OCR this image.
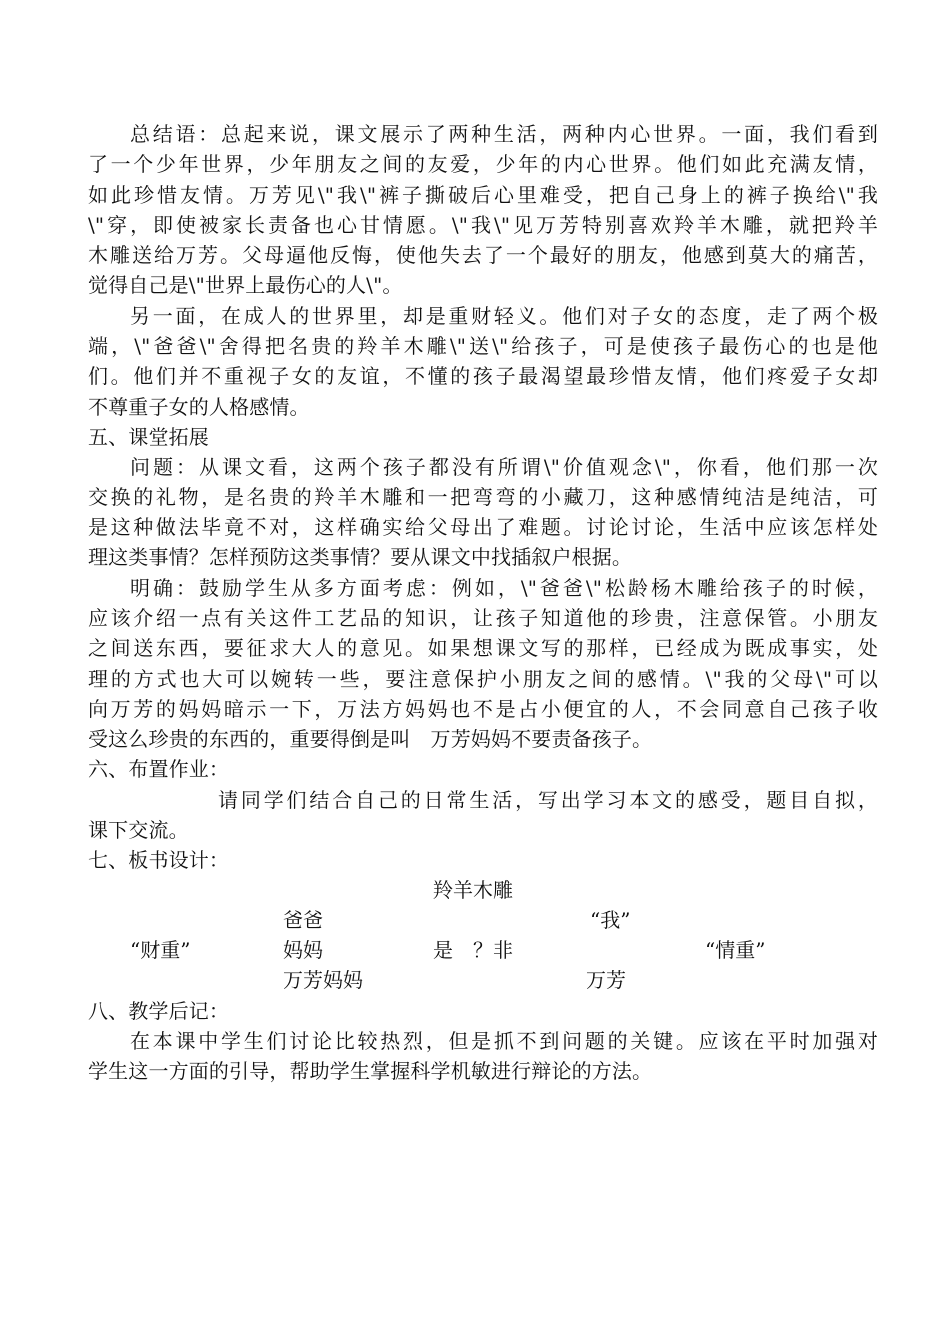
总结语：总起来说，课文展示了两种生活，两种内心世界。一面，我们看到
了一个少年世界，少年朋友之间的友爱，少年的内心世界。他们如此充满友情，
如此珍惜友情。万芳见\"我\"裤子撕破后心里难受，把自己身上的裤子换给\"我
\"穿，即使被家长责备也心甘情愿。\"我\"见万芳特别喜欢羚羊木雕，就把羚羊
木雕送给万芳。父母逼他反悔，使他失去了一个最好的朋友，他感到莫大的痛苦，
觉得自己是\"世界上最伤心的人\"。
另一面，在成人的世界里，却是重财轻义。他们对子女的态度，走了两个极
端，\"爸爸\"舍得把名贵的羚羊木雕\"送\"给孩子，可是使孩子最伤心的也是他
们。他们并不重视子女的友谊，不懂的孩子最渴望最珍惜友情，他们疼爱子女却
不尊重子女的人格感情。
五、课堂拓展
问题：从课文看，这两个孩子都没有所谓\"价值观念\"，你看，他们那一次
交换的礼物，是名贵的羚羊木雕和一把弯弯的小藏刀，这种感情纯洁是纯洁，可
是这种做法毕竟不对，这样确实给父母出了难题。讨论讨论，生活中应该怎样处
理这类事情？怎样预防这类事情？要从课文中找插叙户根据。
明确：鼓励学生从多方面考虑：例如，\"爸爸\"松龄杨木雕给孩子的时候，
应该介绍一点有关这件工艺品的知识，让孩子知道他的珍贵，注意保管。小朋友
之间送东西，要征求大人的意见。如果想课文写的那样，已经成为既成事实，处
理的方式也大可以婉转一些，要注意保护小朋友之间的感情。\"我的父母\"可以
向万芳的妈妈暗示一下，万法方妈妈也不是占小便宜的人，不会同意自己孩子收
受这么珍贵的东西的，重要得倒是叫　万芳妈妈不要责备孩子。
六、布置作业：
请同学们结合自己的日常生活，写出学习本文的感受，题目自拟，
课下交流。
七、板书设计：
羚羊木雕
爸爸	“我”
“财重”	妈妈	是　？非	“情重”
万芳妈妈	万芳
八、教学后记：
在本课中学生们讨论比较热烈，但是抓不到问题的关键。应该在平时加强对
学生这一方面的引导，帮助学生掌握科学机敏进行辩论的方法。
